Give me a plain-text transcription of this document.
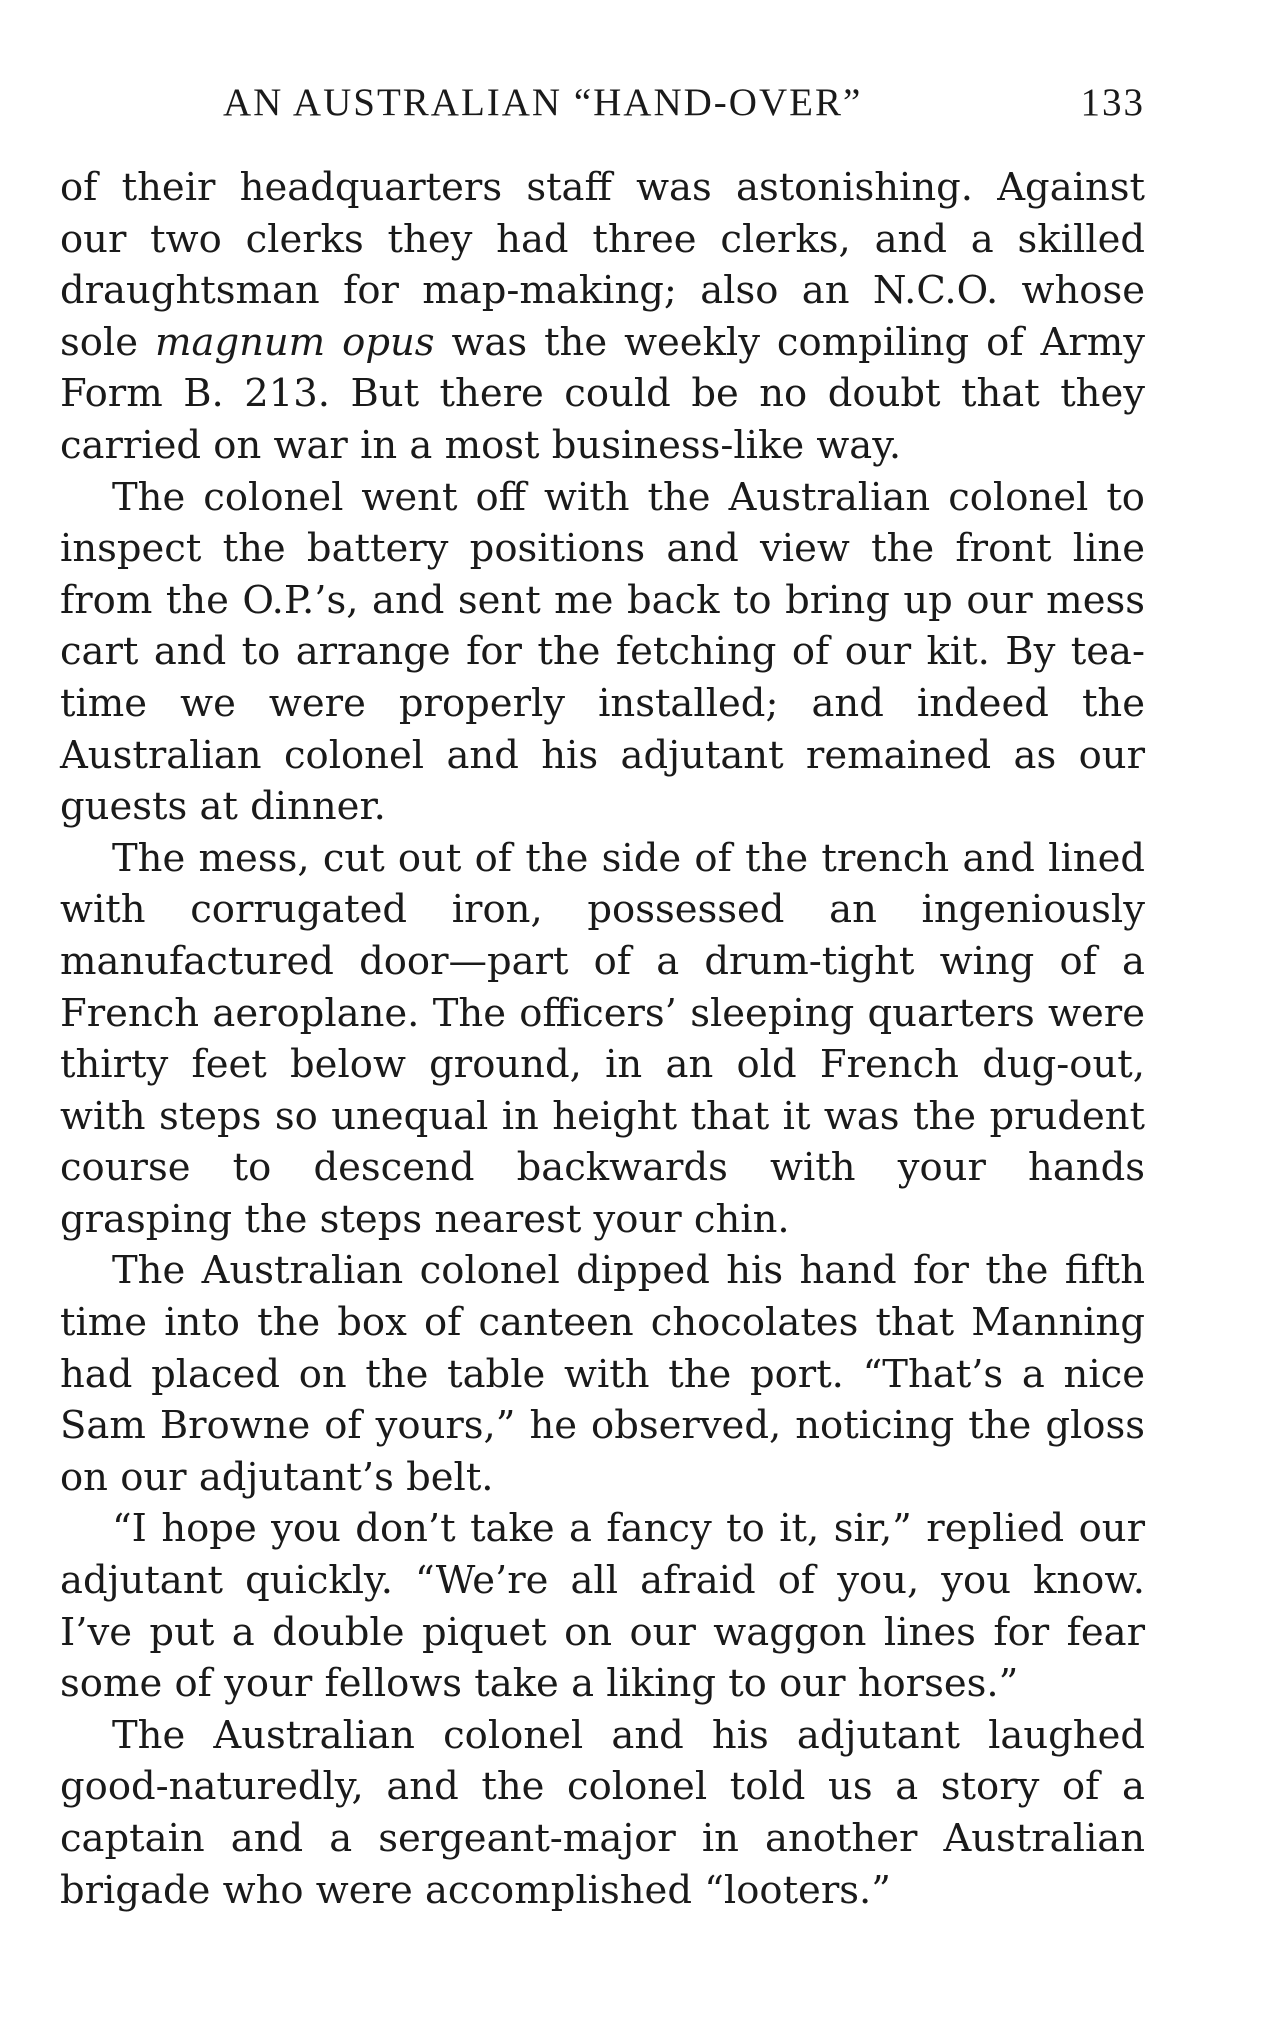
AN AUSTRALIAN “HAND-OVER”	133

of their headquarters staff was astonishing. Against our two clerks they had three clerks, and a skilled draughtsman for map-making; also an N.C.O. whose sole magnum opus was the weekly compiling of Army Form B. 213. But there could be no doubt that they carried on war in a most business-like way.

The colonel went off with the Australian colonel to inspect the battery positions and view the front line from the O.P.’s, and sent me back to bring up our mess cart and to arrange for the fetching of our kit. By tea-time we were properly installed; and indeed the Australian colonel and his adjutant remained as our guests at dinner.

The mess, cut out of the side of the trench and lined with corrugated iron, possessed an ingeniously manufactured door—part of a drum-tight wing of a French aeroplane. The officers’ sleeping quarters were thirty feet below ground, in an old French dug-out, with steps so unequal in height that it was the prudent course to descend backwards with your hands grasping the steps nearest your chin.

The Australian colonel dipped his hand for the fifth time into the box of canteen chocolates that Manning had placed on the table with the port. “That’s a nice Sam Browne of yours,” he observed, noticing the gloss on our adjutant’s belt.

“I hope you don’t take a fancy to it, sir,” replied our adjutant quickly. “We’re all afraid of you, you know. I’ve put a double piquet on our waggon lines for fear some of your fellows take a liking to our horses.”

The Australian colonel and his adjutant laughed good-naturedly, and the colonel told us a story of a captain and a sergeant-major in another Australian brigade who were accomplished “looters.”
